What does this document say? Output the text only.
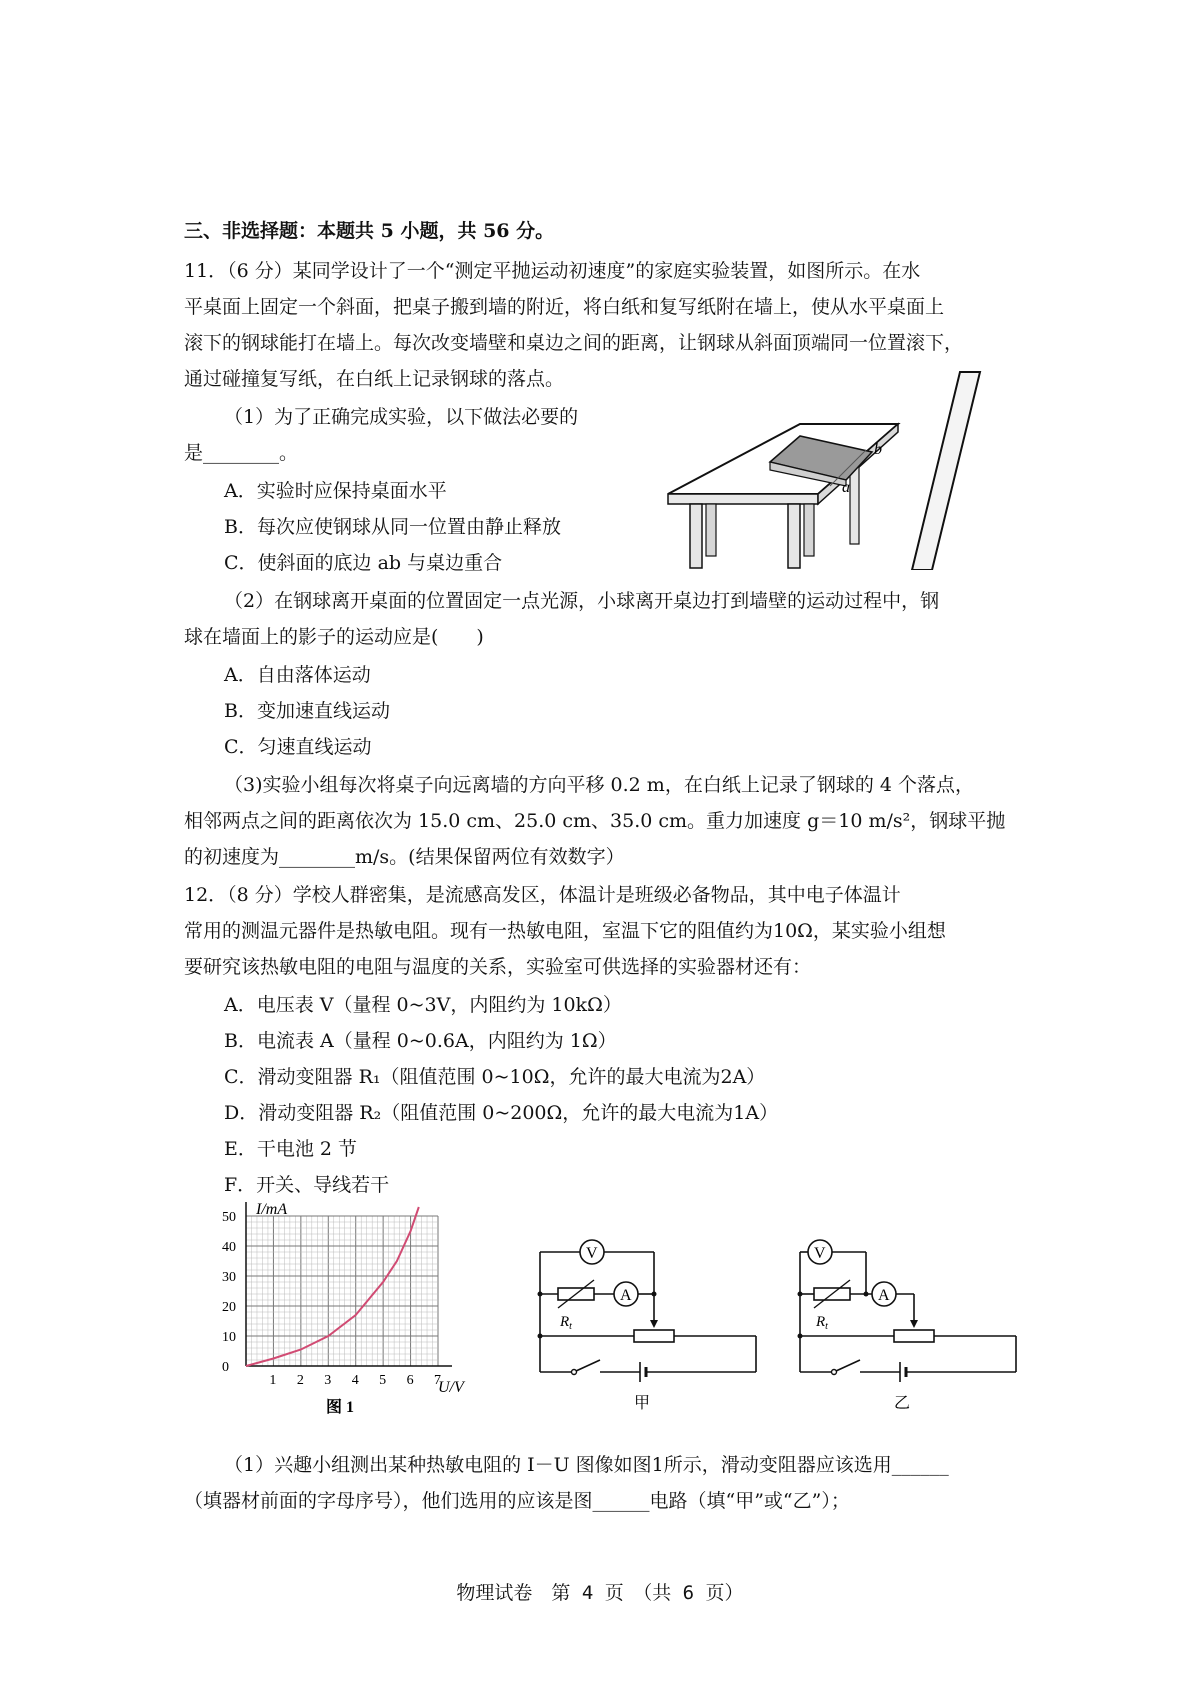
三、非选择题：本题共 5 小题，共 56 分。
11．（6 分）某同学设计了一个“测定平抛运动初速度”的家庭实验装置，如图所示。在水
平桌面上固定一个斜面，把桌子搬到墙的附近，将白纸和复写纸附在墙上，使从水平桌面上
滚下的钢球能打在墙上。每次改变墙壁和桌边之间的距离，让钢球从斜面顶端同一位置滚下，
通过碰撞复写纸，在白纸上记录钢球的落点。
（1）为了正确完成实验，以下做法必要的
是________。
A．实验时应保持桌面水平
B．每次应使钢球从同一位置由静止释放
C．使斜面的底边 ab 与桌边重合
b
a
（2）在钢球离开桌面的位置固定一点光源，小球离开桌边打到墙壁的运动过程中，钢
球在墙面上的影子的运动应是(　　)
A．自由落体运动
B．变加速直线运动
C．匀速直线运动
（3)实验小组每次将桌子向远离墙的方向平移 0.2 m，在白纸上记录了钢球的 4 个落点，
相邻两点之间的距离依次为 15.0 cm、25.0 cm、35.0 cm。重力加速度 g＝10 m/s²，钢球平抛
的初速度为________m/s。(结果保留两位有效数字）
12．（8 分）学校人群密集，是流感高发区，体温计是班级必备物品，其中电子体温计
常用的测温元器件是热敏电阻。现有一热敏电阻，室温下它的阻值约为10Ω，某实验小组想
要研究该热敏电阻的电阻与温度的关系，实验室可供选择的实验器材还有：
A．电压表 V（量程 0~3V，内阻约为 10kΩ）
B．电流表 A（量程 0~0.6A，内阻约为 1Ω）
C．滑动变阻器 R₁（阻值范围 0~10Ω，允许的最大电流为2A）
D．滑动变阻器 R₂（阻值范围 0~200Ω，允许的最大电流为1A）
E．干电池 2 节
F．开关、导线若干
I/mA
U/V
图 1
50
40
30
20
10
0
1 2 3 4 5 6 7
V
$R_t$
A
甲
V
$R_t$
A
乙
（1）兴趣小组测出某种热敏电阻的 I－U 图像如图1所示，滑动变阻器应该选用______
（填器材前面的字母序号），他们选用的应该是图______电路（填“甲”或“乙”）；
物理试卷　第 4 页　（共 6 页）
